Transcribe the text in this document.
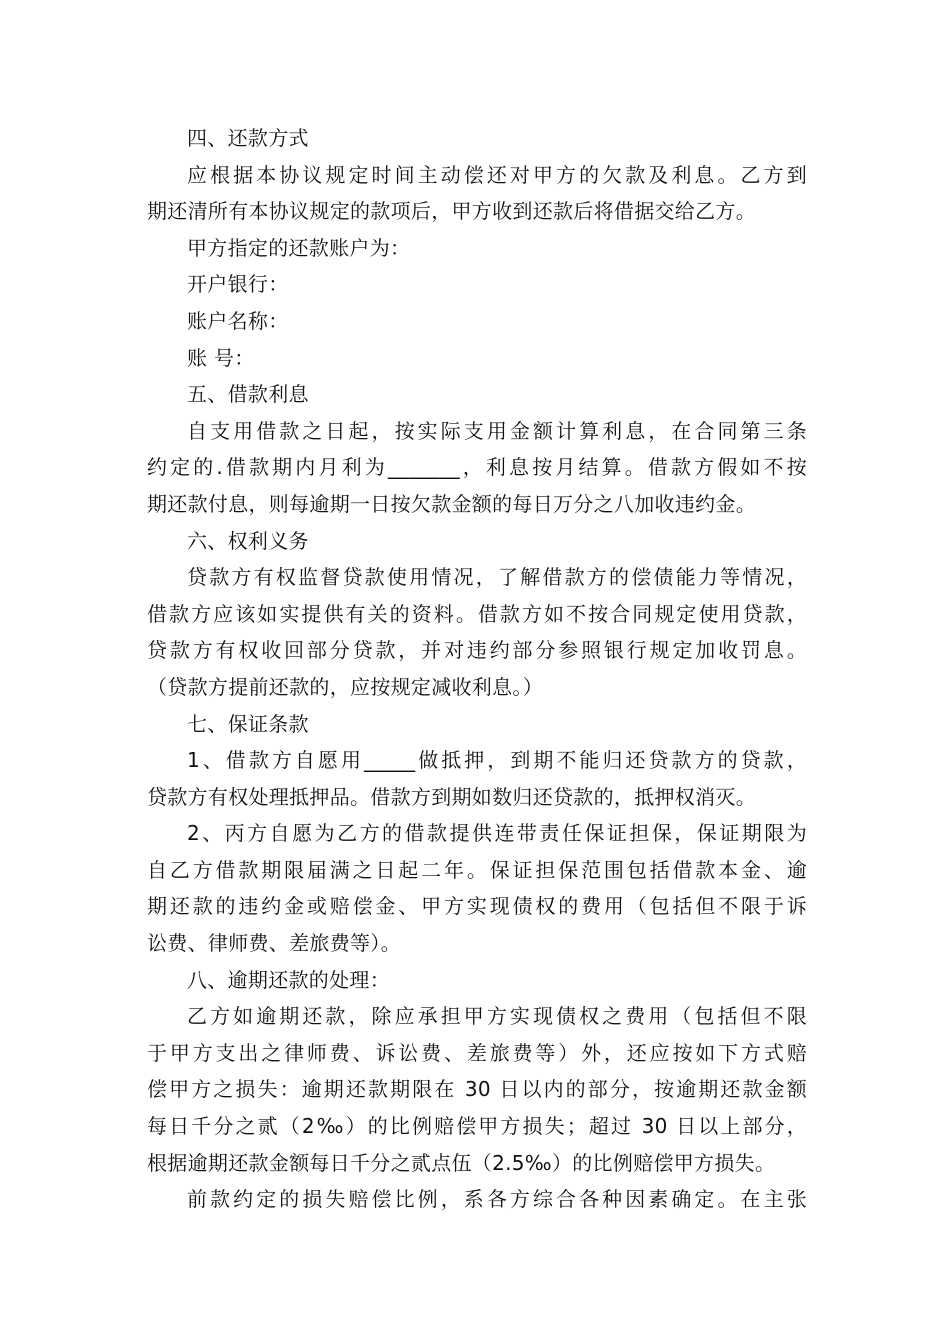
四、还款方式
应根据本协议规定时间主动偿还对甲方的欠款及利息。乙方到
期还清所有本协议规定的款项后，甲方收到还款后将借据交给乙方。
甲方指定的还款账户为：
开户银行：
账户名称：
账 号：
五、借款利息
自支用借款之日起，按实际支用金额计算利息，在合同第三条
约定的.借款期内月利为_______，利息按月结算。借款方假如不按
期还款付息，则每逾期一日按欠款金额的每日万分之八加收违约金。
六、权利义务
贷款方有权监督贷款使用情况，了解借款方的偿债能力等情况，
借款方应该如实提供有关的资料。借款方如不按合同规定使用贷款，
贷款方有权收回部分贷款，并对违约部分参照银行规定加收罚息。
（贷款方提前还款的，应按规定减收利息。）
七、保证条款
1、借款方自愿用_____做抵押，到期不能归还贷款方的贷款，
贷款方有权处理抵押品。借款方到期如数归还贷款的，抵押权消灭。
2、丙方自愿为乙方的借款提供连带责任保证担保，保证期限为
自乙方借款期限届满之日起二年。保证担保范围包括借款本金、逾
期还款的违约金或赔偿金、甲方实现债权的费用（包括但不限于诉
讼费、律师费、差旅费等）。
八、逾期还款的处理：
乙方如逾期还款，除应承担甲方实现债权之费用（包括但不限
于甲方支出之律师费、诉讼费、差旅费等）外，还应按如下方式赔
偿甲方之损失：逾期还款期限在 30 日以内的部分，按逾期还款金额
每日千分之贰（2‰）的比例赔偿甲方损失；超过 30 日以上部分，
根据逾期还款金额每日千分之贰点伍（2.5‰）的比例赔偿甲方损失。
前款约定的损失赔偿比例，系各方综合各种因素确定。在主张
